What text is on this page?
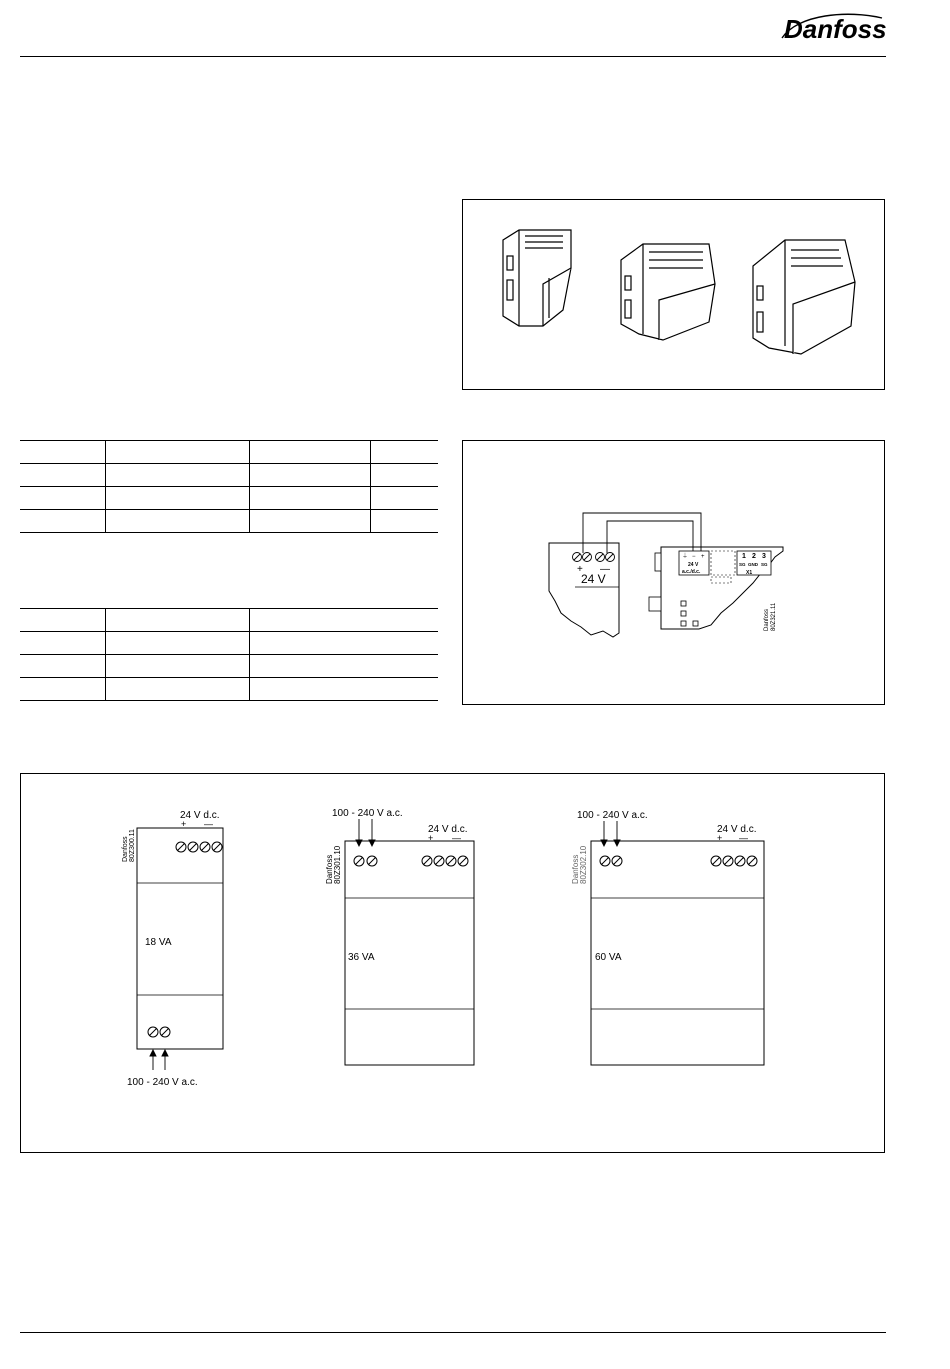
Danfoss

+ —
24 V
⏚ − +
24 V
a.c./d.c.
1 2 3
SG GND SG
X1
Danfoss 80Z321.11
24 V d.c.
+ —
18 VA
100 - 240 V a.c.
Danfoss 80Z300.11
100 - 240 V a.c.
24 V d.c.
+ —
36 VA
Danfoss 80Z301.10
100 - 240 V a.c.
24 V d.c.
+ —
60 VA
Danfoss 80Z302.10
